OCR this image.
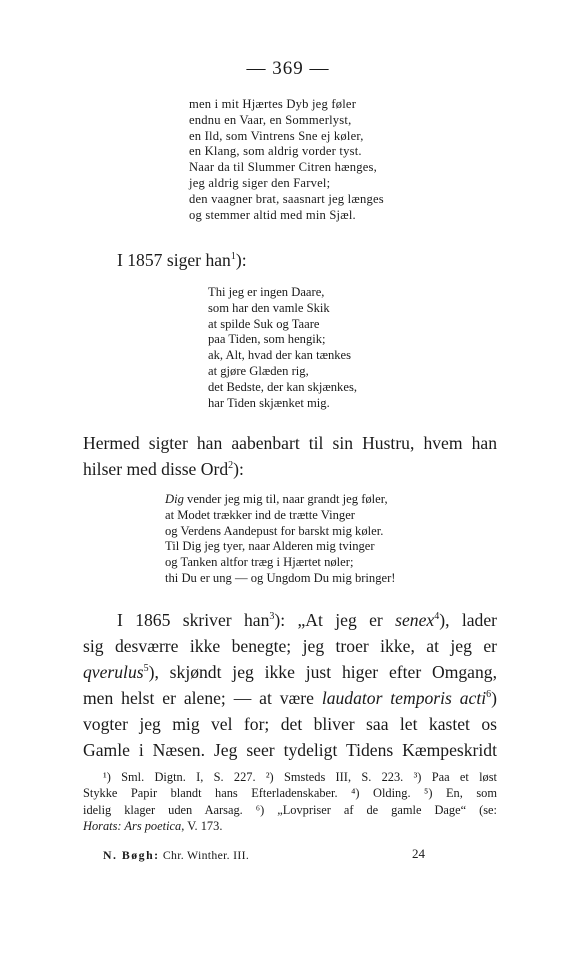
— 369 —
men i mit Hjærtes Dyb jeg føler
endnu en Vaar, en Sommerlyst,
en Ild, som Vintrens Sne ej køler,
en Klang, som aldrig vorder tyst.
Naar da til Slummer Citren hænges,
jeg aldrig siger den Farvel;
den vaagner brat, saasnart jeg længes
og stemmer altid med min Sjæl.
I 1857 siger han$^1$):
Thi jeg er ingen Daare,
som har den vamle Skik
at spilde Suk og Taare
paa Tiden, som hengik;
ak, Alt, hvad der kan tænkes
at gjøre Glæden rig,
det Bedste, der kan skjænkes,
har Tiden skjænket mig.
Hermed sigter han aabenbart til sin Hustru, hvem han
hilser med disse Ord$^2$):
Dig vender jeg mig til, naar grandt jeg føler,
at Modet trækker ind de trætte Vinger
og Verdens Aandepust for barskt mig køler.
Til Dig jeg tyer, naar Alderen mig tvinger
og Tanken altfor træg i Hjærtet nøler;
thi Du er ung — og Ungdom Du mig bringer!
I 1865 skriver han$^3$): „At jeg er senex$^4$), lader
sig desværre ikke benegte; jeg troer ikke, at jeg er
qverulus$^5$), skjøndt jeg ikke just higer efter Omgang,
men helst er alene; — at være laudator temporis acti$^6$)
vogter jeg mig vel for; det bliver saa let kastet os
Gamle i Næsen. Jeg seer tydeligt Tidens Kæmpeskridt
¹) Sml. Digtn. I, S. 227. ²) Smsteds III, S. 223. ³) Paa et løst
Stykke Papir blandt hans Efterladenskaber. ⁴) Olding. ⁵) En, som
idelig klager uden Aarsag. ⁶) „Lovpriser af de gamle Dage“ (se:
Horats: Ars poetica, V. 173.
N. Bøgh: Chr. Winther. III.	24
